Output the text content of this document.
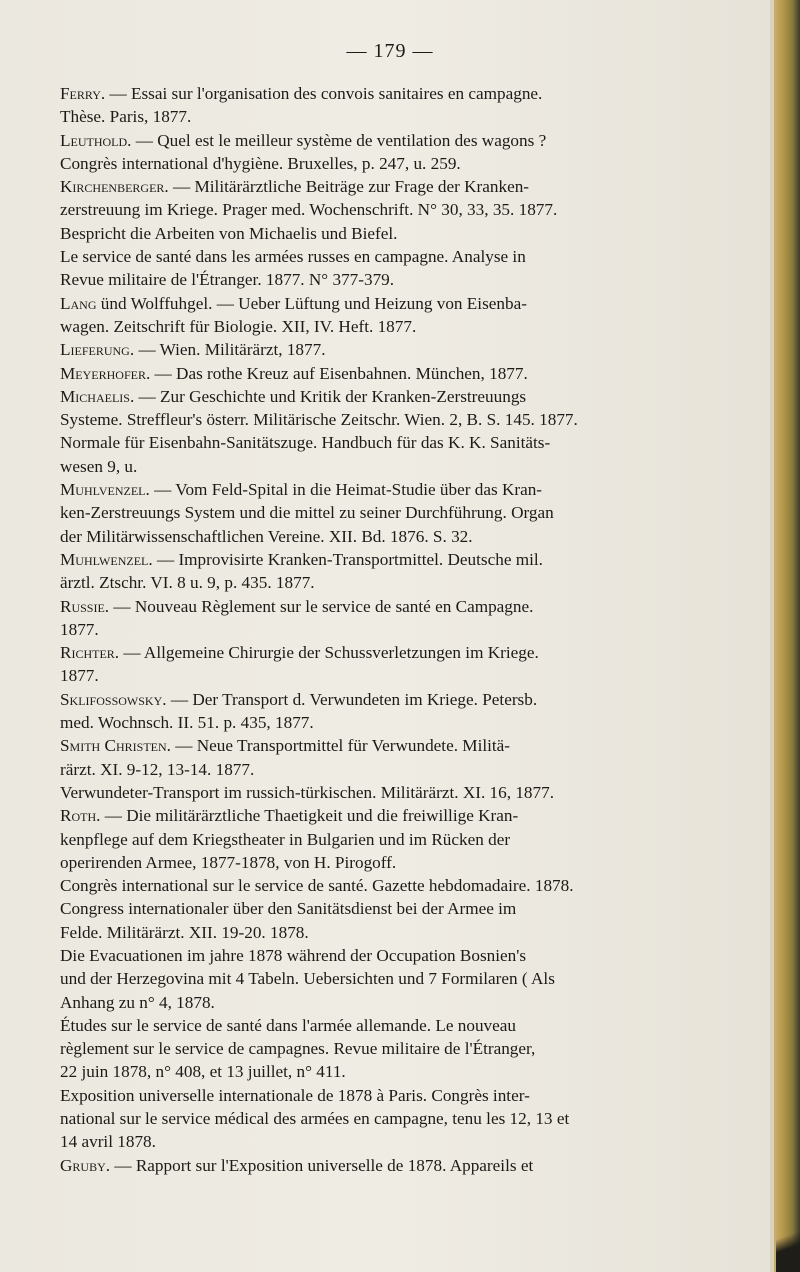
— 179 —
Ferry. — Essai sur l'organisation des convois sanitaires en campagne.
Thèse. Paris, 1877.
Leuthold. — Quel est le meilleur système de ventilation des wagons ?
Congrès international d'hygiène. Bruxelles, p. 247, u. 259.
Kirchenberger. — Militärärztliche Beiträge zur Frage der Kranken-
zerstreuung im Kriege. Prager med. Wochenschrift. N° 30, 33, 35. 1877.
Bespricht die Arbeiten von Michaelis und Biefel.
Le service de santé dans les armées russes en campagne. Analyse in
Revue militaire de l'Étranger. 1877. N° 377-379.
Lang ünd Wolffuhgel. — Ueber Lüftung und Heizung von Eisenba-
wagen. Zeitschrift für Biologie. XII, IV. Heft. 1877.
Lieferung. — Wien. Militärärzt, 1877.
Meyerhofer. — Das rothe Kreuz auf Eisenbahnen. München, 1877.
Michaelis. — Zur Geschichte und Kritik der Kranken-Zerstreuungs
Systeme. Streffleur's österr. Militärische Zeitschr. Wien. 2, B. S. 145. 1877.
Normale für Eisenbahn-Sanitätszuge. Handbuch für das K. K. Sanitäts-
wesen 9, u.
Muhlvenzel. — Vom Feld-Spital in die Heimat-Studie über das Kran-
ken-Zerstreuungs System und die mittel zu seiner Durchführung. Organ
der Militärwissenschaftlichen Vereine. XII. Bd. 1876. S. 32.
Muhlwenzel. — Improvisirte Kranken-Transportmittel. Deutsche mil.
ärztl. Ztschr. VI. 8 u. 9, p. 435. 1877.
Russie. — Nouveau Règlement sur le service de santé en Campagne.
1877.
Richter. — Allgemeine Chirurgie der Schussverletzungen im Kriege.
1877.
Sklifossowsky. — Der Transport d. Verwundeten im Kriege. Petersb.
med. Wochnsch. II. 51. p. 435, 1877.
Smith Christen. — Neue Transportmittel für Verwundete. Militä-
rärzt. XI. 9-12, 13-14. 1877.
Verwundeter-Transport im russich-türkischen. Militärärzt. XI. 16, 1877.
Roth. — Die militärärztliche Thaetigkeit und die freiwillige Kran-
kenpflege auf dem Kriegstheater in Bulgarien und im Rücken der
operirenden Armee, 1877-1878, von H. Pirogoff.
Congrès international sur le service de santé. Gazette hebdomadaire. 1878.
Congress internationaler über den Sanitätsdienst bei der Armee im
Felde. Militärärzt. XII. 19-20. 1878.
Die Evacuationen im jahre 1878 während der Occupation Bosnien's
und der Herzegovina mit 4 Tabeln. Uebersichten und 7 Formilaren ( Als
Anhang zu n° 4, 1878.
Études sur le service de santé dans l'armée allemande. Le nouveau
règlement sur le service de campagnes. Revue militaire de l'Étranger,
22 juin 1878, n° 408, et 13 juillet, n° 411.
Exposition universelle internationale de 1878 à Paris. Congrès inter-
national sur le service médical des armées en campagne, tenu les 12, 13 et
14 avril 1878.
Gruby. — Rapport sur l'Exposition universelle de 1878. Appareils et
